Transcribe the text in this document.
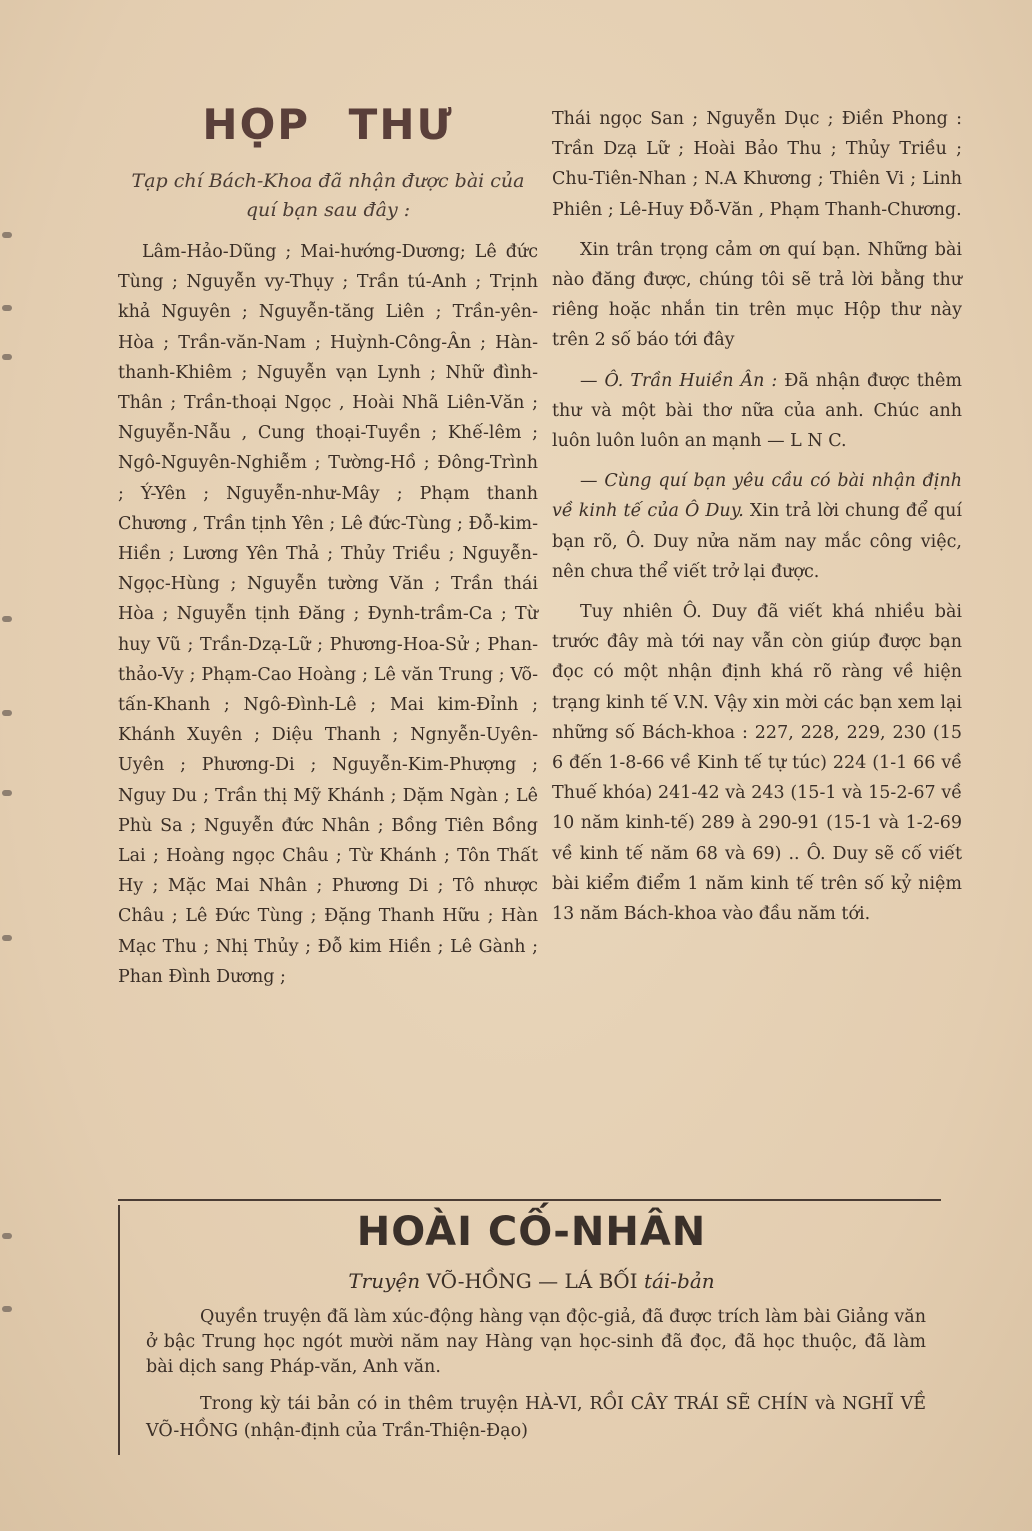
HỌP THƯ

Tạp chí Bách-Khoa đã nhận được bài của quí bạn sau đây :

Lâm-Hảo-Dũng ; Mai-hướng-Dương; Lê đức Tùng ; Nguyễn vy-Thụy ; Trần tú-Anh ; Trịnh khả Nguyên ; Nguyễn-tăng Liên ; Trần-yên-Hòa ; Trần-văn-Nam ; Huỳnh-Công-Ân ; Hàn-thanh-Khiêm ; Nguyễn vạn Lynh ; Nhữ đình-Thân ; Trần-thoại Ngọc , Hoài Nhã Liên-Văn ; Nguyễn-Nẫu , Cung thoại-Tuyền ; Khế-lêm ; Ngô-Nguyên-Nghiễm ; Tường-Hồ ; Đông-Trình ; Ý-Yên ; Nguyễn-như-Mây ; Phạm thanh Chương , Trần tịnh Yên ; Lê đức-Tùng ; Đỗ-kim-Hiền ; Lương Yên Thả ; Thủy Triều ; Nguyễn-Ngọc-Hùng ; Nguyễn tường Văn ; Trần thái Hòa ; Nguyễn tịnh Đăng ; Đynh-trầm-Ca ; Từ huy Vũ ; Trần-Dzạ-Lữ ; Phương-Hoa-Sử ; Phan-thảo-Vy ; Phạm-Cao Hoàng ; Lê văn Trung ; Võ-tấn-Khanh ; Ngô-Đình-Lê ; Mai kim-Đỉnh ; Khánh Xuyên ; Diệu Thanh ; Ngnyễn-Uyên-Uyên ; Phương-Di ; Nguyễn-Kim-Phượng ; Nguy Du ; Trần thị Mỹ Khánh ; Dặm Ngàn ; Lê Phù Sa ; Nguyễn đức Nhân ; Bồng Tiên Bồng Lai ; Hoàng ngọc Châu ; Từ Khánh ; Tôn Thất Hy ; Mặc Mai Nhân ; Phương Di ; Tô nhược Châu ; Lê Đức Tùng ; Đặng Thanh Hữu ; Hàn Mạc Thu ; Nhị Thủy ; Đỗ kim Hiền ; Lê Gành ; Phan Đình Dương ;

Thái ngọc San ; Nguyễn Dục ; Điền Phong : Trần Dzạ Lữ ; Hoài Bảo Thu ; Thủy Triều ; Chu-Tiên-Nhan ; N.A Khương ; Thiên Vi ; Linh Phiên ; Lê-Huy Đỗ-Văn , Phạm Thanh-Chương.

Xin trân trọng cảm ơn quí bạn. Những bài nào đăng được, chúng tôi sẽ trả lời bằng thư riêng hoặc nhắn tin trên mục Hộp thư này trên 2 số báo tới đây

— Ô. Trần Huiền Ân : Đã nhận được thêm thư và một bài thơ nữa của anh. Chúc anh luôn luôn luôn an mạnh — L N C.

— Cùng quí bạn yêu cầu có bài nhận định về kinh tế của Ô Duy. Xin trả lời chung để quí bạn rõ, Ô. Duy nửa năm nay mắc công việc, nên chưa thể viết trở lại được.

Tuy nhiên Ô. Duy đã viết khá nhiều bài trước đây mà tới nay vẫn còn giúp được bạn đọc có một nhận định khá rõ ràng về hiện trạng kinh tế V.N. Vậy xin mời các bạn xem lại những số Bách-khoa : 227, 228, 229, 230 (15 6 đến 1-8-66 về Kinh tế tự túc) 224 (1-1 66 về Thuế khóa) 241-42 và 243 (15-1 và 15-2-67 về 10 năm kinh-tế) 289 à 290-91 (15-1 và 1-2-69 về kinh tế năm 68 và 69) .. Ô. Duy sẽ cố viết bài kiểm điểm 1 năm kinh tế trên số kỷ niệm 13 năm Bách-khoa vào đầu năm tới.

HOÀI CỐ-NHÂN
Truyện VÕ-HỒNG — LÁ BỐI tái-bản

Quyền truyện đã làm xúc-động hàng vạn độc-giả, đã được trích làm bài Giảng văn ở bậc Trung học ngót mười năm nay Hàng vạn học-sinh đã đọc, đã học thuộc, đã làm bài dịch sang Pháp-văn, Anh văn.

Trong kỳ tái bản có in thêm truyện HÀ-VI, RỒI CÂY TRÁI SẼ CHÍN và NGHĨ VỀ VÕ-HỒNG (nhận-định của Trần-Thiện-Đạo)
